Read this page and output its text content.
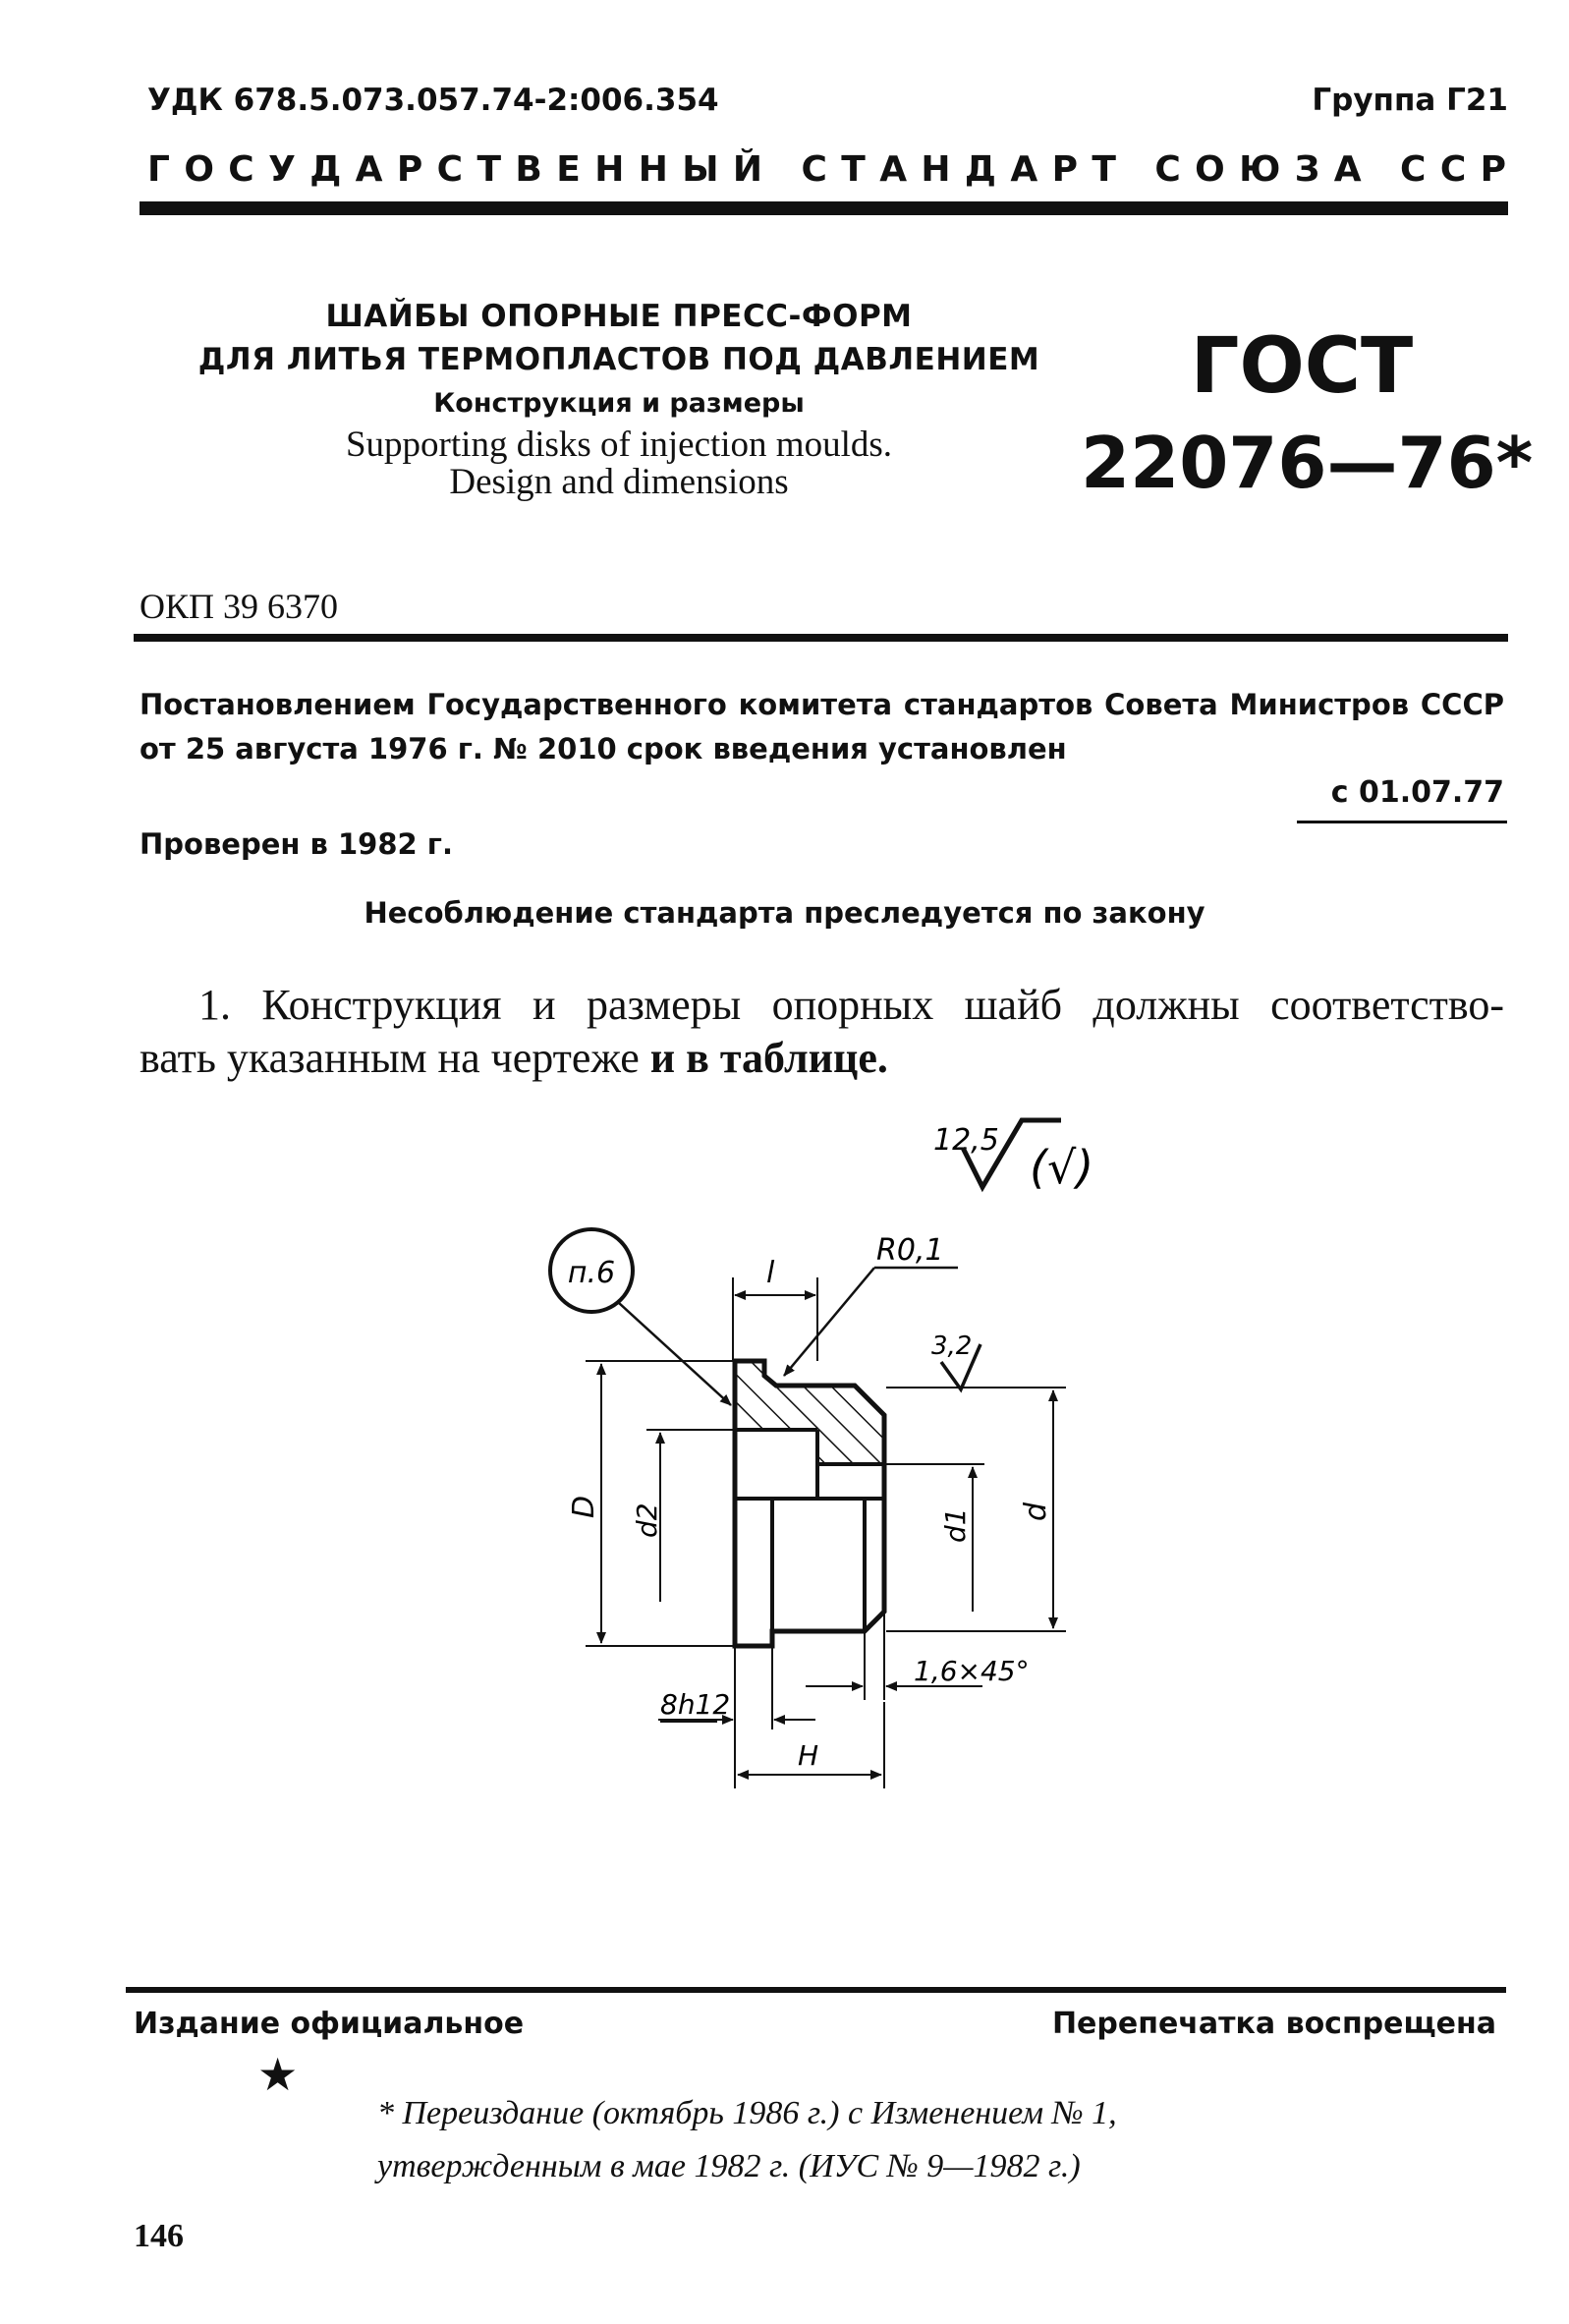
УДК 678.5.073.057.74-2:006.354	Группа Г21
Г  О  С  У  Д  А  Р  С  Т  В  Е  Н  Н  Ы  Й С  Т  А  Н  Д  А  Р  Т С  О  Ю  З  А С  С  Р
ШАЙБЫ ОПОРНЫЕ ПРЕСС-ФОРМ
ДЛЯ ЛИТЬЯ ТЕРМОПЛАСТОВ ПОД ДАВЛЕНИЕМ
Конструкция и размеры
Supporting disks of injection moulds.
Design and dimensions
ГОСТ
22076—76*
ОКП 39 6370
Постановлением Государственного комитета стандартов Совета Министров СССР
от 25 августа 1976 г. № 2010 срок введения установлен
с 01.07.77
Проверен в 1982 г.
Несоблюдение стандарта преследуется по закону
1. Конструкция и размеры опорных шайб должны соответство-
вать указанным на чертеже и в таблице.
12,5
(√)
п.6
R0,1
l
3,2
D d2	d1 d
1,6×45°
8h12
H
Издание официальное	Перепечатка воспрещена
★
* Переиздание (октябрь 1986 г.) с Изменением № 1,
утвержденным в мае 1982 г. (ИУС № 9—1982 г.)
146
